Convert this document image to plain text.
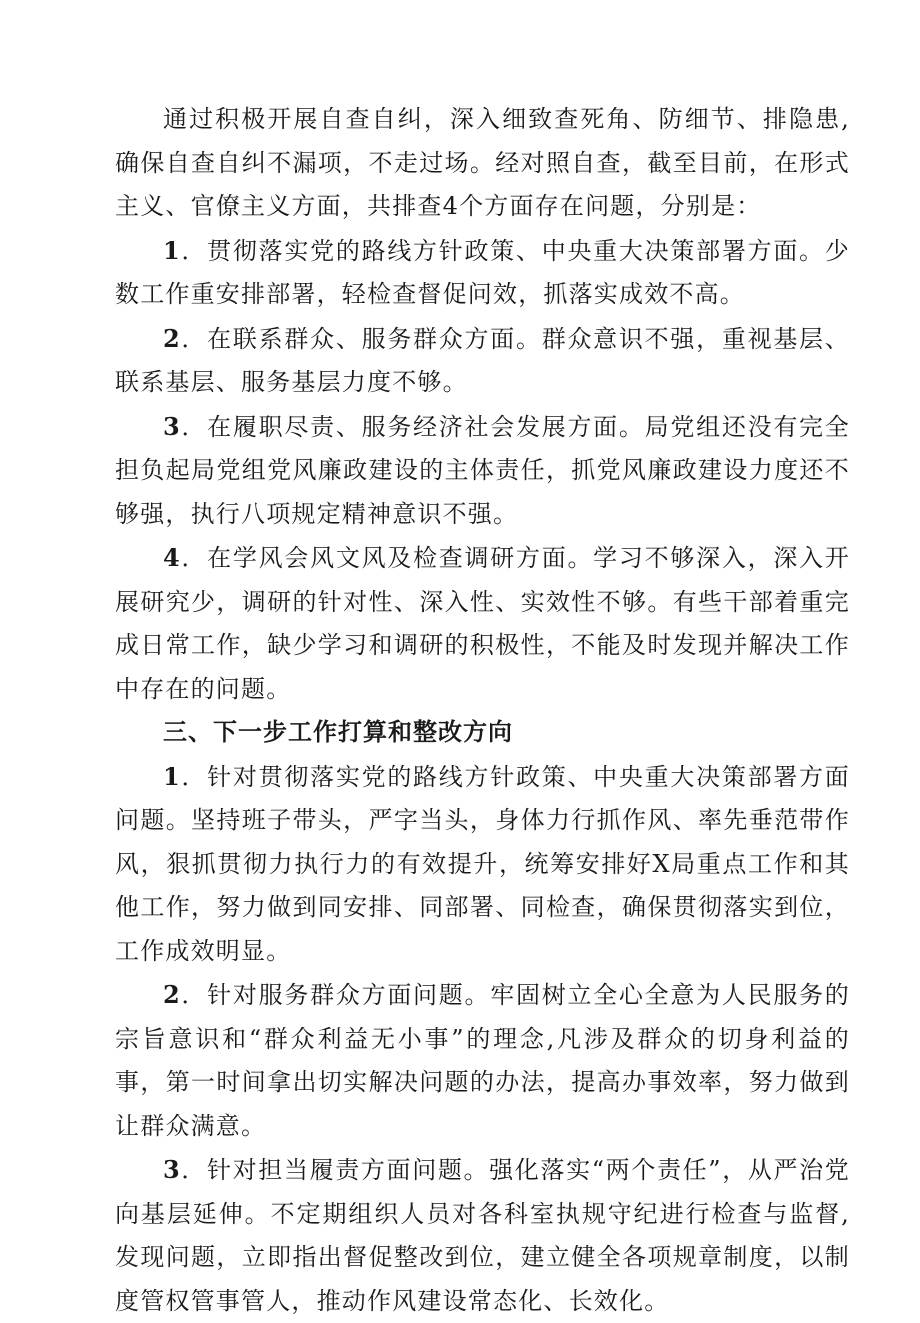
通过积极开展自查自纠，深入细致查死角、防细节、排隐患,确保自查自纠不漏项，不走过场。经对照自查，截至目前，在形式主义、官僚主义方面，共排查4个方面存在问题，分别是：

1．贯彻落实党的路线方针政策、中央重大决策部署方面。少数工作重安排部署，轻检查督促问效，抓落实成效不高。

2．在联系群众、服务群众方面。群众意识不强，重视基层、联系基层、服务基层力度不够。

3．在履职尽责、服务经济社会发展方面。局党组还没有完全担负起局党组党风廉政建设的主体责任，抓党风廉政建设力度还不够强，执行八项规定精神意识不强。

4．在学风会风文风及检查调研方面。学习不够深入，深入开展研究少，调研的针对性、深入性、实效性不够。有些干部着重完成日常工作，缺少学习和调研的积极性，不能及时发现并解决工作中存在的问题。

三、下一步工作打算和整改方向

1．针对贯彻落实党的路线方针政策、中央重大决策部署方面问题。坚持班子带头，严字当头，身体力行抓作风、率先垂范带作风，狠抓贯彻力执行力的有效提升，统筹安排好X局重点工作和其他工作，努力做到同安排、同部署、同检查，确保贯彻落实到位，工作成效明显。

2．针对服务群众方面问题。牢固树立全心全意为人民服务的宗旨意识和“群众利益无小事”的理念,凡涉及群众的切身利益的事，第一时间拿出切实解决问题的办法，提高办事效率，努力做到让群众满意。

3．针对担当履责方面问题。强化落实“两个责任”，从严治党向基层延伸。不定期组织人员对各科室执规守纪进行检查与监督,发现问题，立即指出督促整改到位，建立健全各项规章制度，以制度管权管事管人，推动作风建设常态化、长效化。
